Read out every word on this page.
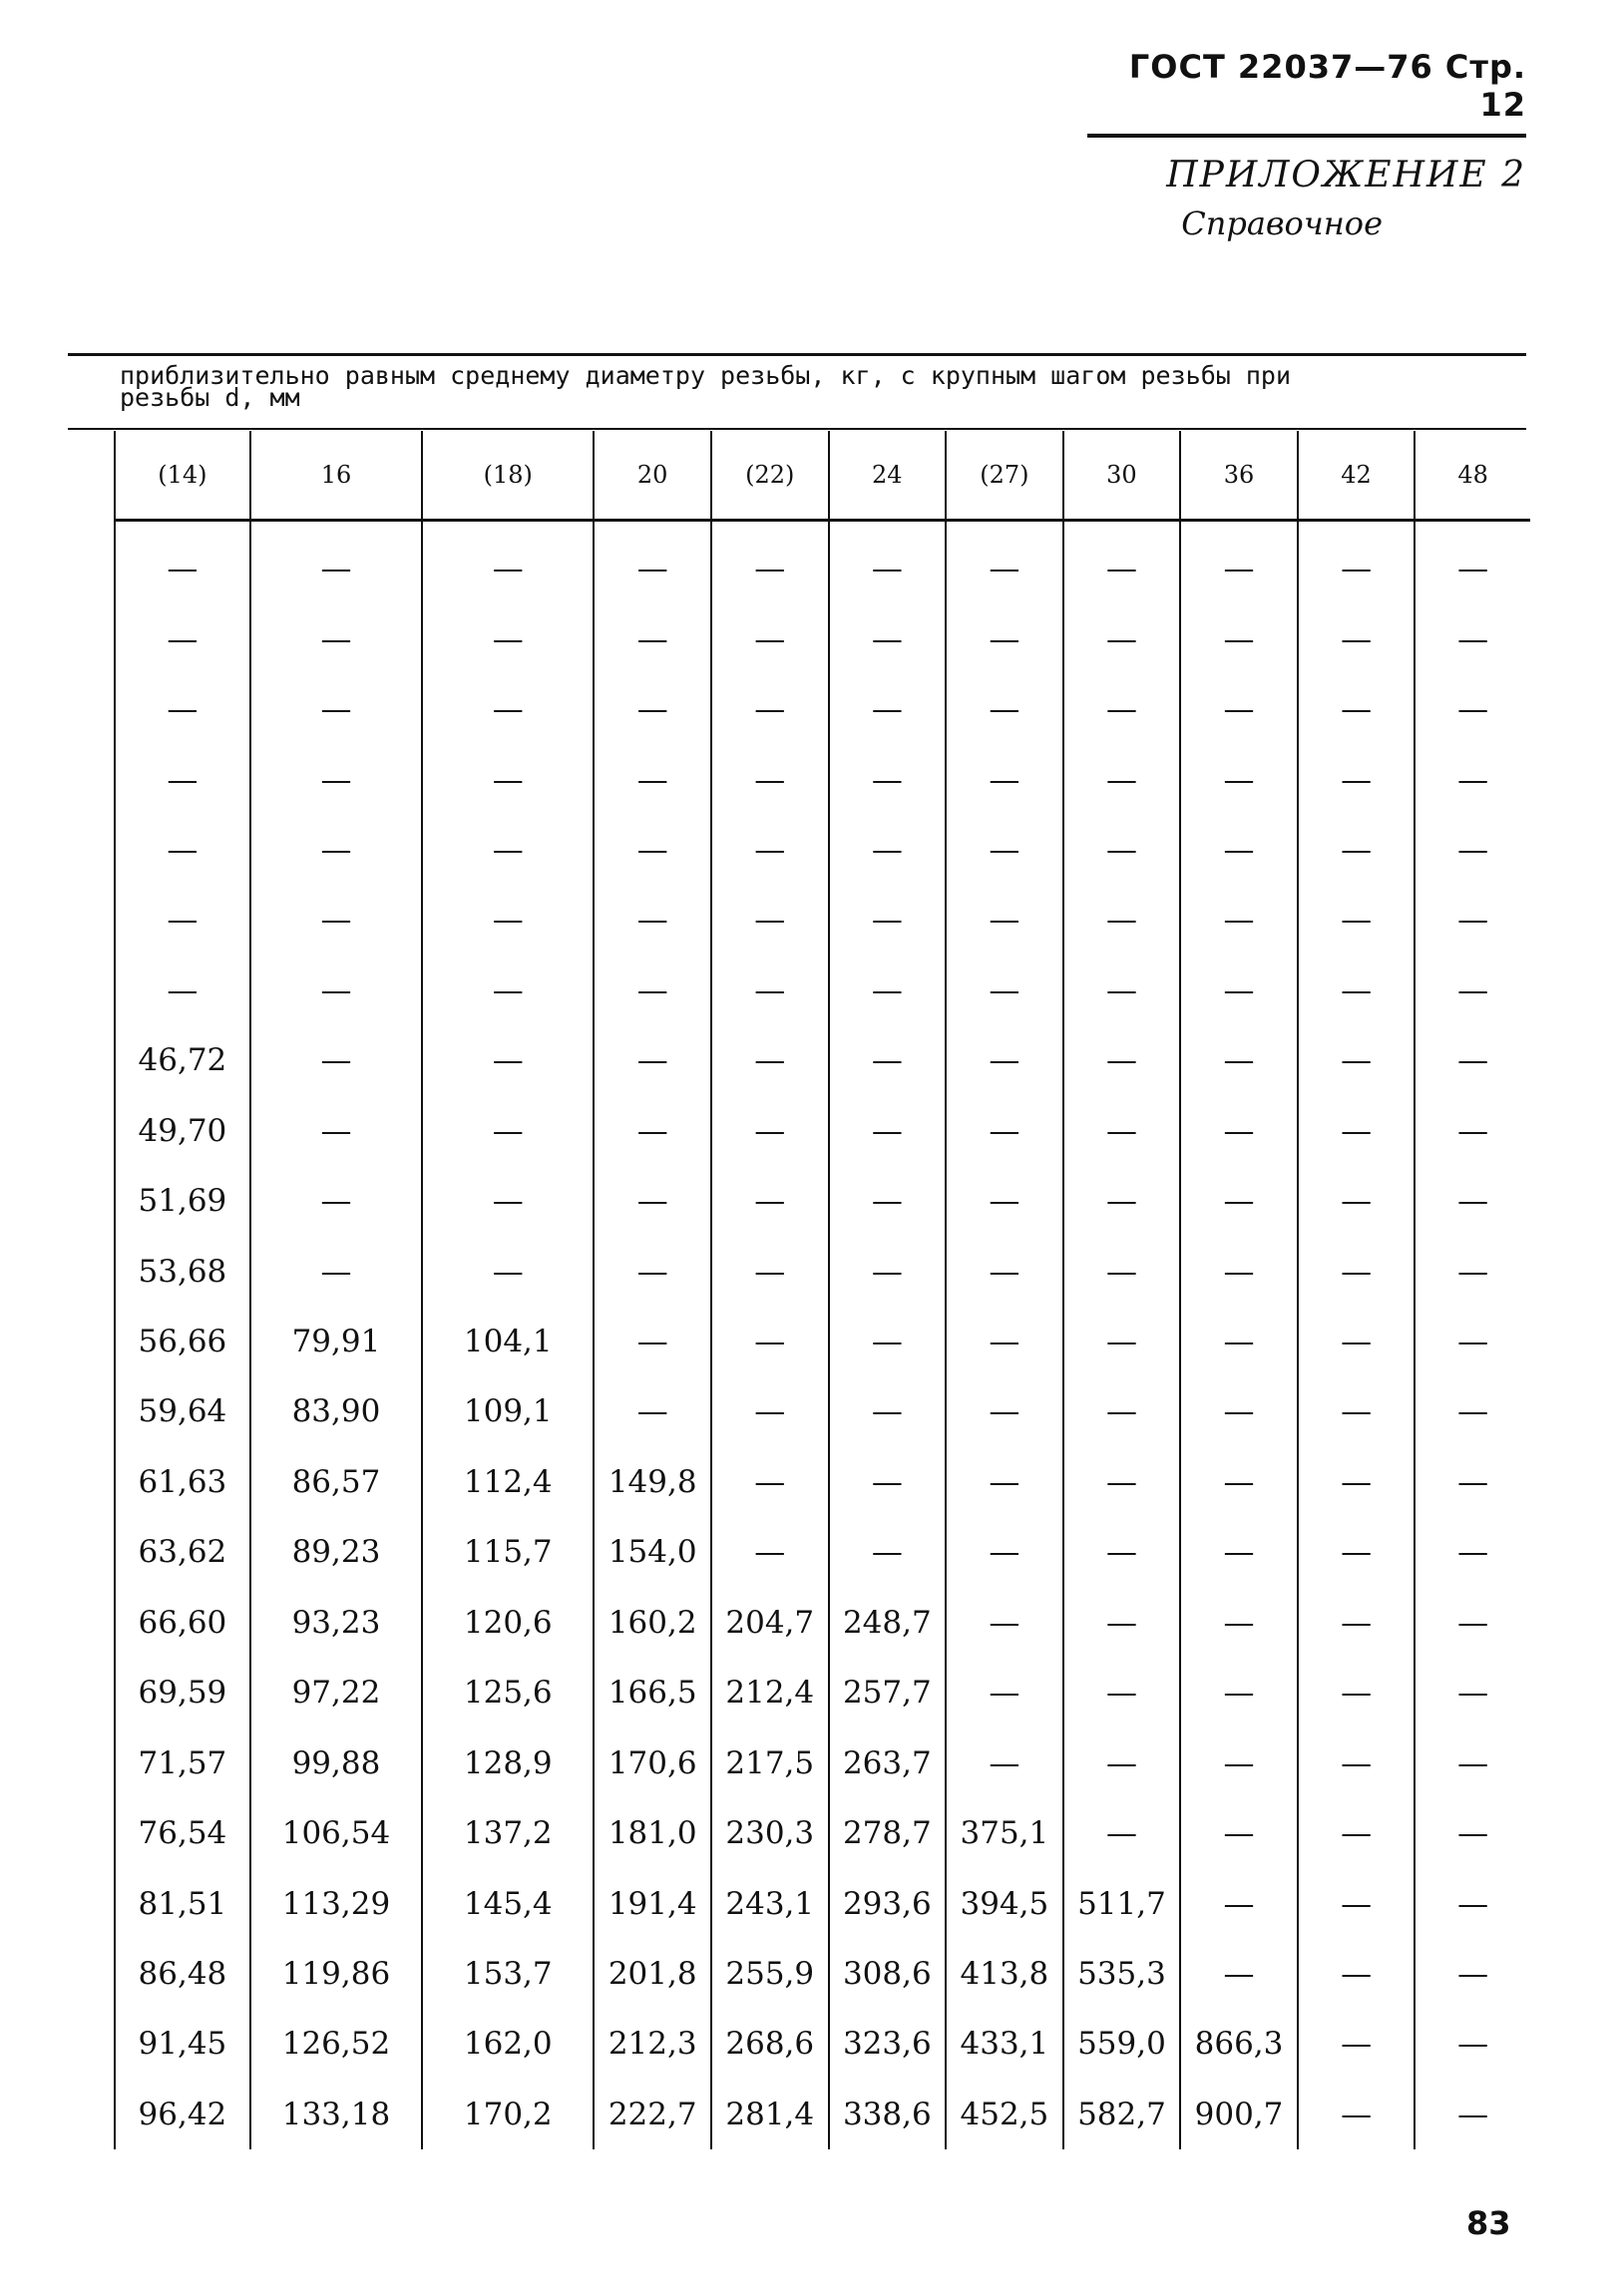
ГОСТ 22037—76 Стр. 12
ПРИЛОЖЕНИЕ 2
Справочное
приблизительно равным среднему диаметру резьбы, кг, с крупным шагом резьбы при
резьбы d, мм
(14)	16	(18)	20	(22)	24	(27)	30	36	42	48

—	—	—	—	—	—	—	—	—	—	—
—	—	—	—	—	—	—	—	—	—	—
—	—	—	—	—	—	—	—	—	—	—
—	—	—	—	—	—	—	—	—	—	—
—	—	—	—	—	—	—	—	—	—	—
—	—	—	—	—	—	—	—	—	—	—
—	—	—	—	—	—	—	—	—	—	—
46,72	—	—	—	—	—	—	—	—	—	—
49,70	—	—	—	—	—	—	—	—	—	—
51,69	—	—	—	—	—	—	—	—	—	—
53,68	—	—	—	—	—	—	—	—	—	—
56,66	79,91	104,1	—	—	—	—	—	—	—	—
59,64	83,90	109,1	—	—	—	—	—	—	—	—
61,63	86,57	112,4	149,8	—	—	—	—	—	—	—
63,62	89,23	115,7	154,0	—	—	—	—	—	—	—
66,60	93,23	120,6	160,2	204,7	248,7	—	—	—	—	—
69,59	97,22	125,6	166,5	212,4	257,7	—	—	—	—	—
71,57	99,88	128,9	170,6	217,5	263,7	—	—	—	—	—
76,54	106,54	137,2	181,0	230,3	278,7	375,1	—	—	—	—
81,51	113,29	145,4	191,4	243,1	293,6	394,5	511,7	—	—	—
86,48	119,86	153,7	201,8	255,9	308,6	413,8	535,3	—	—	—
91,45	126,52	162,0	212,3	268,6	323,6	433,1	559,0	866,3	—	—
96,42	133,18	170,2	222,7	281,4	338,6	452,5	582,7	900,7	—	—
83
